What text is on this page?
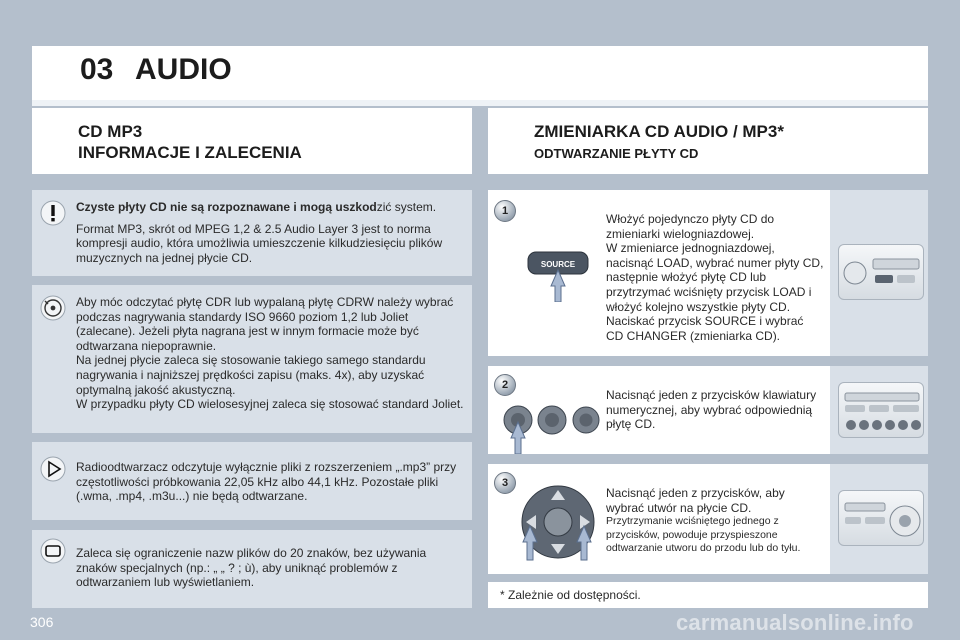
03 AUDIO
CD MP3
INFORMACJE I ZALECENIA

Czyste płyty CD nie są rozpoznawane i mogą uszkodzić system.

Format MP3, skrót od MPEG 1,2 & 2.5 Audio Layer 3 jest to norma kompresji audio, która umożliwia umieszczenie kilkudziesięciu plików muzycznych na jednej płycie CD.

Aby móc odczytać płytę CDR lub wypalaną płytę CDRW należy wybrać podczas nagrywania standardy ISO 9660 poziom 1,2 lub Joliet (zalecane). Jeżeli płyta nagrana jest w innym formacie może być odtwarzana niepoprawnie.

Na jednej płycie zaleca się stosowanie takiego samego standardu nagrywania i najniższej prędkości zapisu (maks. 4x), aby uzyskać optymalną jakość akustyczną.

W przypadku płyty CD wielosesyjnej zaleca się stosować standard Joliet.

Radioodtwarzacz odczytuje wyłącznie pliki z rozszerzeniem „.mp3” przy częstotliwości próbkowania 22,05 kHz albo 44,1 kHz. Pozostałe pliki (.wma, .mp4, .m3u...) nie będą odtwarzane.

Zaleca się ograniczenie nazw plików do 20 znaków, bez używania znaków specjalnych (np.: „ „ ? ; ù), aby uniknąć problemów z odtwarzaniem lub wyświetlaniem.

ZMIENIARKA CD AUDIO / MP3*
ODTWARZANIE PŁYTY CD
1
SOURCE
Włożyć pojedynczo płyty CD do zmieniarki wielogniazdowej.
W zmieniarce jednogniazdowej, nacisnąć LOAD, wybrać numer płyty CD, następnie włożyć płytę CD lub przytrzymać wciśnięty przycisk LOAD i włożyć kolejno wszystkie płyty CD.
Naciskać przycisk SOURCE i wybrać CD CHANGER (zmieniarka CD).
2
Nacisnąć jeden z przycisków klawiatury numerycznej, aby wybrać odpowiednią płytę CD.
3

Nacisnąć jeden z przycisków, aby wybrać utwór na płycie CD.

Przytrzymanie wciśniętego jednego z przycisków, powoduje przyspieszone odtwarzanie utworu do przodu lub do tyłu.

* Zależnie od dostępności.
306	carmanualsonline.info
